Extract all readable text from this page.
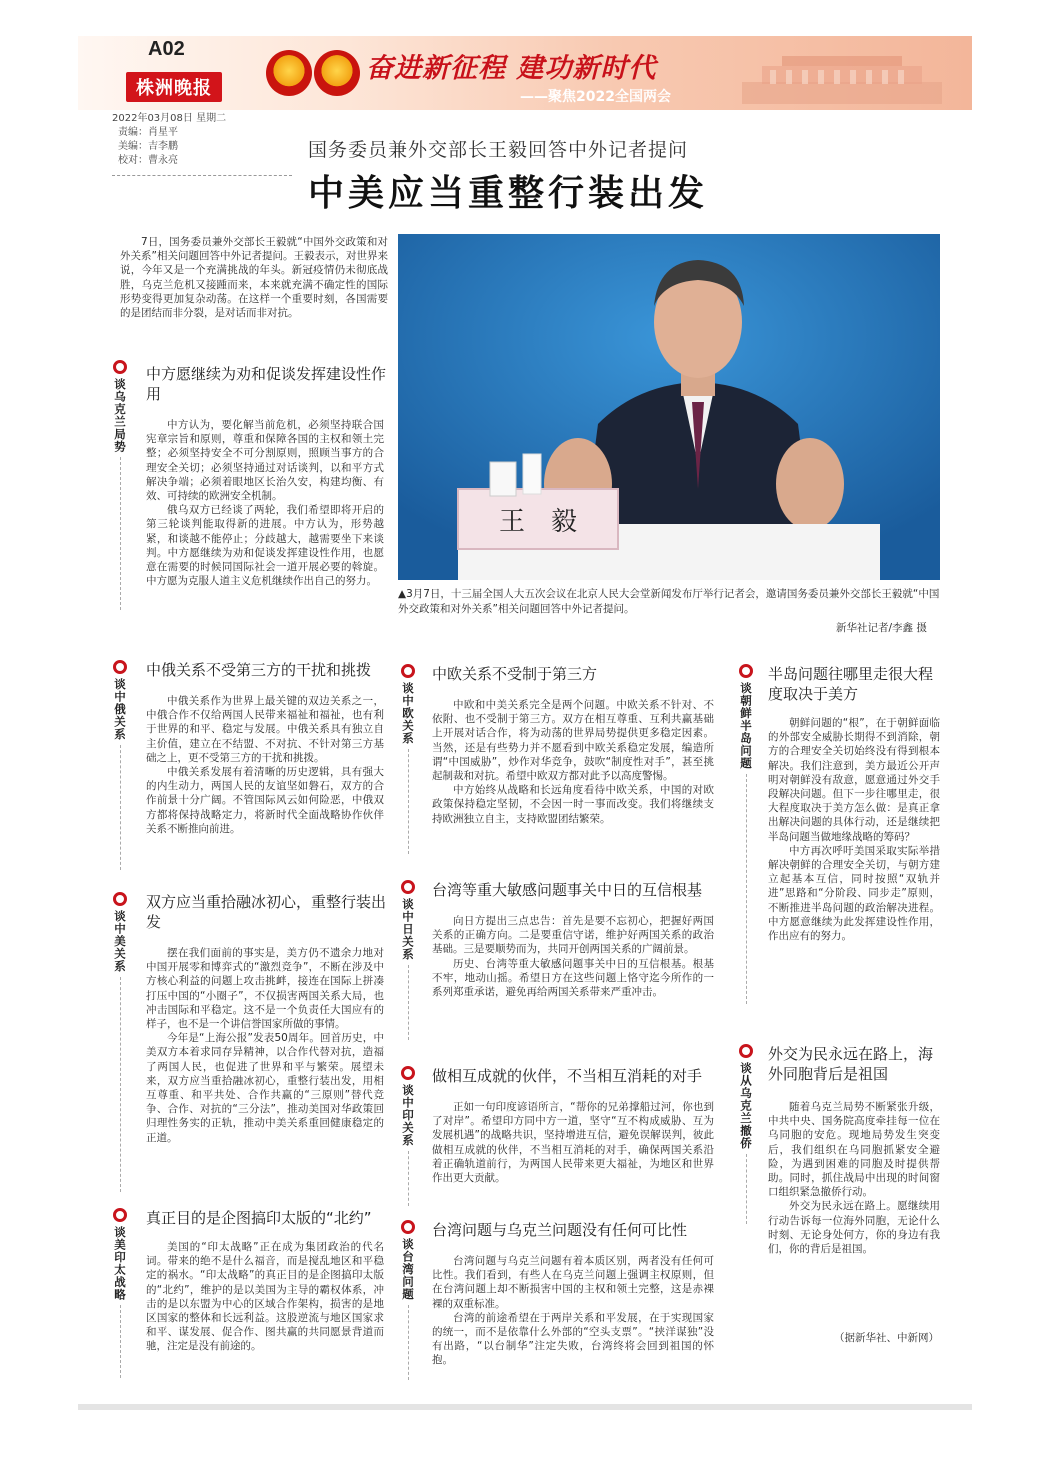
A02
株洲晚报
奋进新征程 建功新时代
——聚焦2022全国两会
2022年03月08日 星期二
责编：肖星平
美编：吉李鹏
校对：曹永亮	国务委员兼外交部长王毅回答中外记者提问
中美应当重整行装出发
7日，国务委员兼外交部长王毅就“中国外交政策和对外关系”相关问题回答中外记者提问。王毅表示，对世界来说，今年又是一个充满挑战的年头。新冠疫情仍未彻底战胜，乌克兰危机又接踵而来，本来就充满不确定性的国际形势变得更加复杂动荡。在这样一个重要时刻，各国需要的是团结而非分裂，是对话而非对抗。
王　毅
▲3月7日，十三届全国人大五次会议在北京人民大会堂新闻发布厅举行记者会，邀请国务委员兼外交部长王毅就“中国外交政策和对外关系”相关问题回答中外记者提问。
新华社记者/李鑫 摄
谈乌克兰局势
中方愿继续为劝和促谈发挥建设性作用

中方认为，要化解当前危机，必须坚持联合国宪章宗旨和原则，尊重和保障各国的主权和领土完整；必须坚持安全不可分割原则，照顾当事方的合理安全关切；必须坚持通过对话谈判，以和平方式解决争端；必须着眼地区长治久安，构建均衡、有效、可持续的欧洲安全机制。

俄乌双方已经谈了两轮，我们希望即将开启的第三轮谈判能取得新的进展。中方认为，形势越紧，和谈越不能停止；分歧越大，越需要坐下来谈判。中方愿继续为劝和促谈发挥建设性作用，也愿意在需要的时候同国际社会一道开展必要的斡旋。中方愿为克服人道主义危机继续作出自己的努力。

谈中俄关系
中俄关系不受第三方的干扰和挑拨

中俄关系作为世界上最关键的双边关系之一，中俄合作不仅给两国人民带来福祉和福祉，也有利于世界的和平、稳定与发展。中俄关系具有独立自主价值，建立在不结盟、不对抗、不针对第三方基础之上，更不受第三方的干扰和挑拨。

中俄关系发展有着清晰的历史逻辑，具有强大的内生动力，两国人民的友谊坚如磐石，双方的合作前景十分广阔。不管国际风云如何险恶，中俄双方都将保持战略定力，将新时代全面战略协作伙伴关系不断推向前进。

谈中美关系
双方应当重拾融冰初心，重整行装出发

摆在我们面前的事实是，美方仍不遗余力地对中国开展零和博弈式的“激烈竞争”，不断在涉及中方核心利益的问题上攻击挑衅，接连在国际上拼凑打压中国的“小圈子”，不仅损害两国关系大局，也冲击国际和平稳定。这不是一个负责任大国应有的样子，也不是一个讲信誉国家所做的事情。

今年是“上海公报”发表50周年。回首历史，中美双方本着求同存异精神，以合作代替对抗，造福了两国人民，也促进了世界和平与繁荣。展望未来，双方应当重拾融冰初心，重整行装出发，用相互尊重、和平共处、合作共赢的“三原则”替代竞争、合作、对抗的“三分法”，推动美国对华政策回归理性务实的正轨，推动中美关系重回健康稳定的正道。

谈美印太战略
真正目的是企图搞印太版的“北约”

美国的“印太战略”正在成为集团政治的代名词。带来的绝不是什么福音，而是搅乱地区和平稳定的祸水。“印太战略”的真正目的是企图搞印太版的“北约”，维护的是以美国为主导的霸权体系，冲击的是以东盟为中心的区域合作架构，损害的是地区国家的整体和长远利益。这股逆流与地区国家求和平、谋发展、促合作、图共赢的共同愿景背道而驰，注定是没有前途的。

谈中欧关系
中欧关系不受制于第三方

中欧和中美关系完全是两个问题。中欧关系不针对、不依附、也不受制于第三方。双方在相互尊重、互利共赢基础上开展对话合作，将为动荡的世界局势提供更多稳定因素。当然，还是有些势力并不愿看到中欧关系稳定发展，编造所谓“中国威胁”，炒作对华竞争，鼓吹“制度性对手”，甚至挑起制裁和对抗。希望中欧双方都对此予以高度警惕。

中方始终从战略和长远角度看待中欧关系，中国的对欧政策保持稳定坚韧，不会因一时一事而改变。我们将继续支持欧洲独立自主，支持欧盟团结繁荣。

谈中日关系
台湾等重大敏感问题事关中日的互信根基

向日方提出三点忠告：首先是要不忘初心，把握好两国关系的正确方向。二是要重信守诺，维护好两国关系的政治基础。三是要顺势而为，共同开创两国关系的广阔前景。

历史、台湾等重大敏感问题事关中日的互信根基。根基不牢，地动山摇。希望日方在这些问题上恪守迄今所作的一系列郑重承诺，避免再给两国关系带来严重冲击。

谈中印关系
做相互成就的伙伴，不当相互消耗的对手

正如一句印度谚语所言，“帮你的兄弟撑船过河，你也到了对岸”。希望印方同中方一道，坚守“互不构成威胁、互为发展机遇”的战略共识，坚持增进互信，避免误解误判，彼此做相互成就的伙伴，不当相互消耗的对手，确保两国关系沿着正确轨道前行，为两国人民带来更大福祉，为地区和世界作出更大贡献。

谈台湾问题
台湾问题与乌克兰问题没有任何可比性

台湾问题与乌克兰问题有着本质区别，两者没有任何可比性。我们看到，有些人在乌克兰问题上强调主权原则，但在台湾问题上却不断损害中国的主权和领土完整，这是赤裸裸的双重标准。

台湾的前途希望在于两岸关系和平发展，在于实现国家的统一，而不是依靠什么外部的“空头支票”。“挟洋谋独”没有出路，“以台制华”注定失败，台湾终将会回到祖国的怀抱。

谈朝鲜半岛问题
半岛问题往哪里走很大程度取决于美方

朝鲜问题的“根”，在于朝鲜面临的外部安全威胁长期得不到消除，朝方的合理安全关切始终没有得到根本解决。我们注意到，美方最近公开声明对朝鲜没有敌意，愿意通过外交手段解决问题。但下一步往哪里走，很大程度取决于美方怎么做：是真正拿出解决问题的具体行动，还是继续把半岛问题当做地缘战略的筹码？

中方再次呼吁美国采取实际举措解决朝鲜的合理安全关切，与朝方建立起基本互信，同时按照“双轨并进”思路和“分阶段、同步走”原则，不断推进半岛问题的政治解决进程。中方愿意继续为此发挥建设性作用，作出应有的努力。

谈从乌克兰撤侨
外交为民永远在路上，海外同胞背后是祖国

随着乌克兰局势不断紧张升级，中共中央、国务院高度牵挂每一位在乌同胞的安危。现地局势发生突变后，我们组织在乌同胞抓紧安全避险，为遇到困难的同胞及时提供帮助。同时，抓住战局中出现的时间窗口组织紧急撤侨行动。

外交为民永远在路上。愿继续用行动告诉每一位海外同胞，无论什么时刻、无论身处何方，你的身边有我们，你的背后是祖国。

（据新华社、中新网）
